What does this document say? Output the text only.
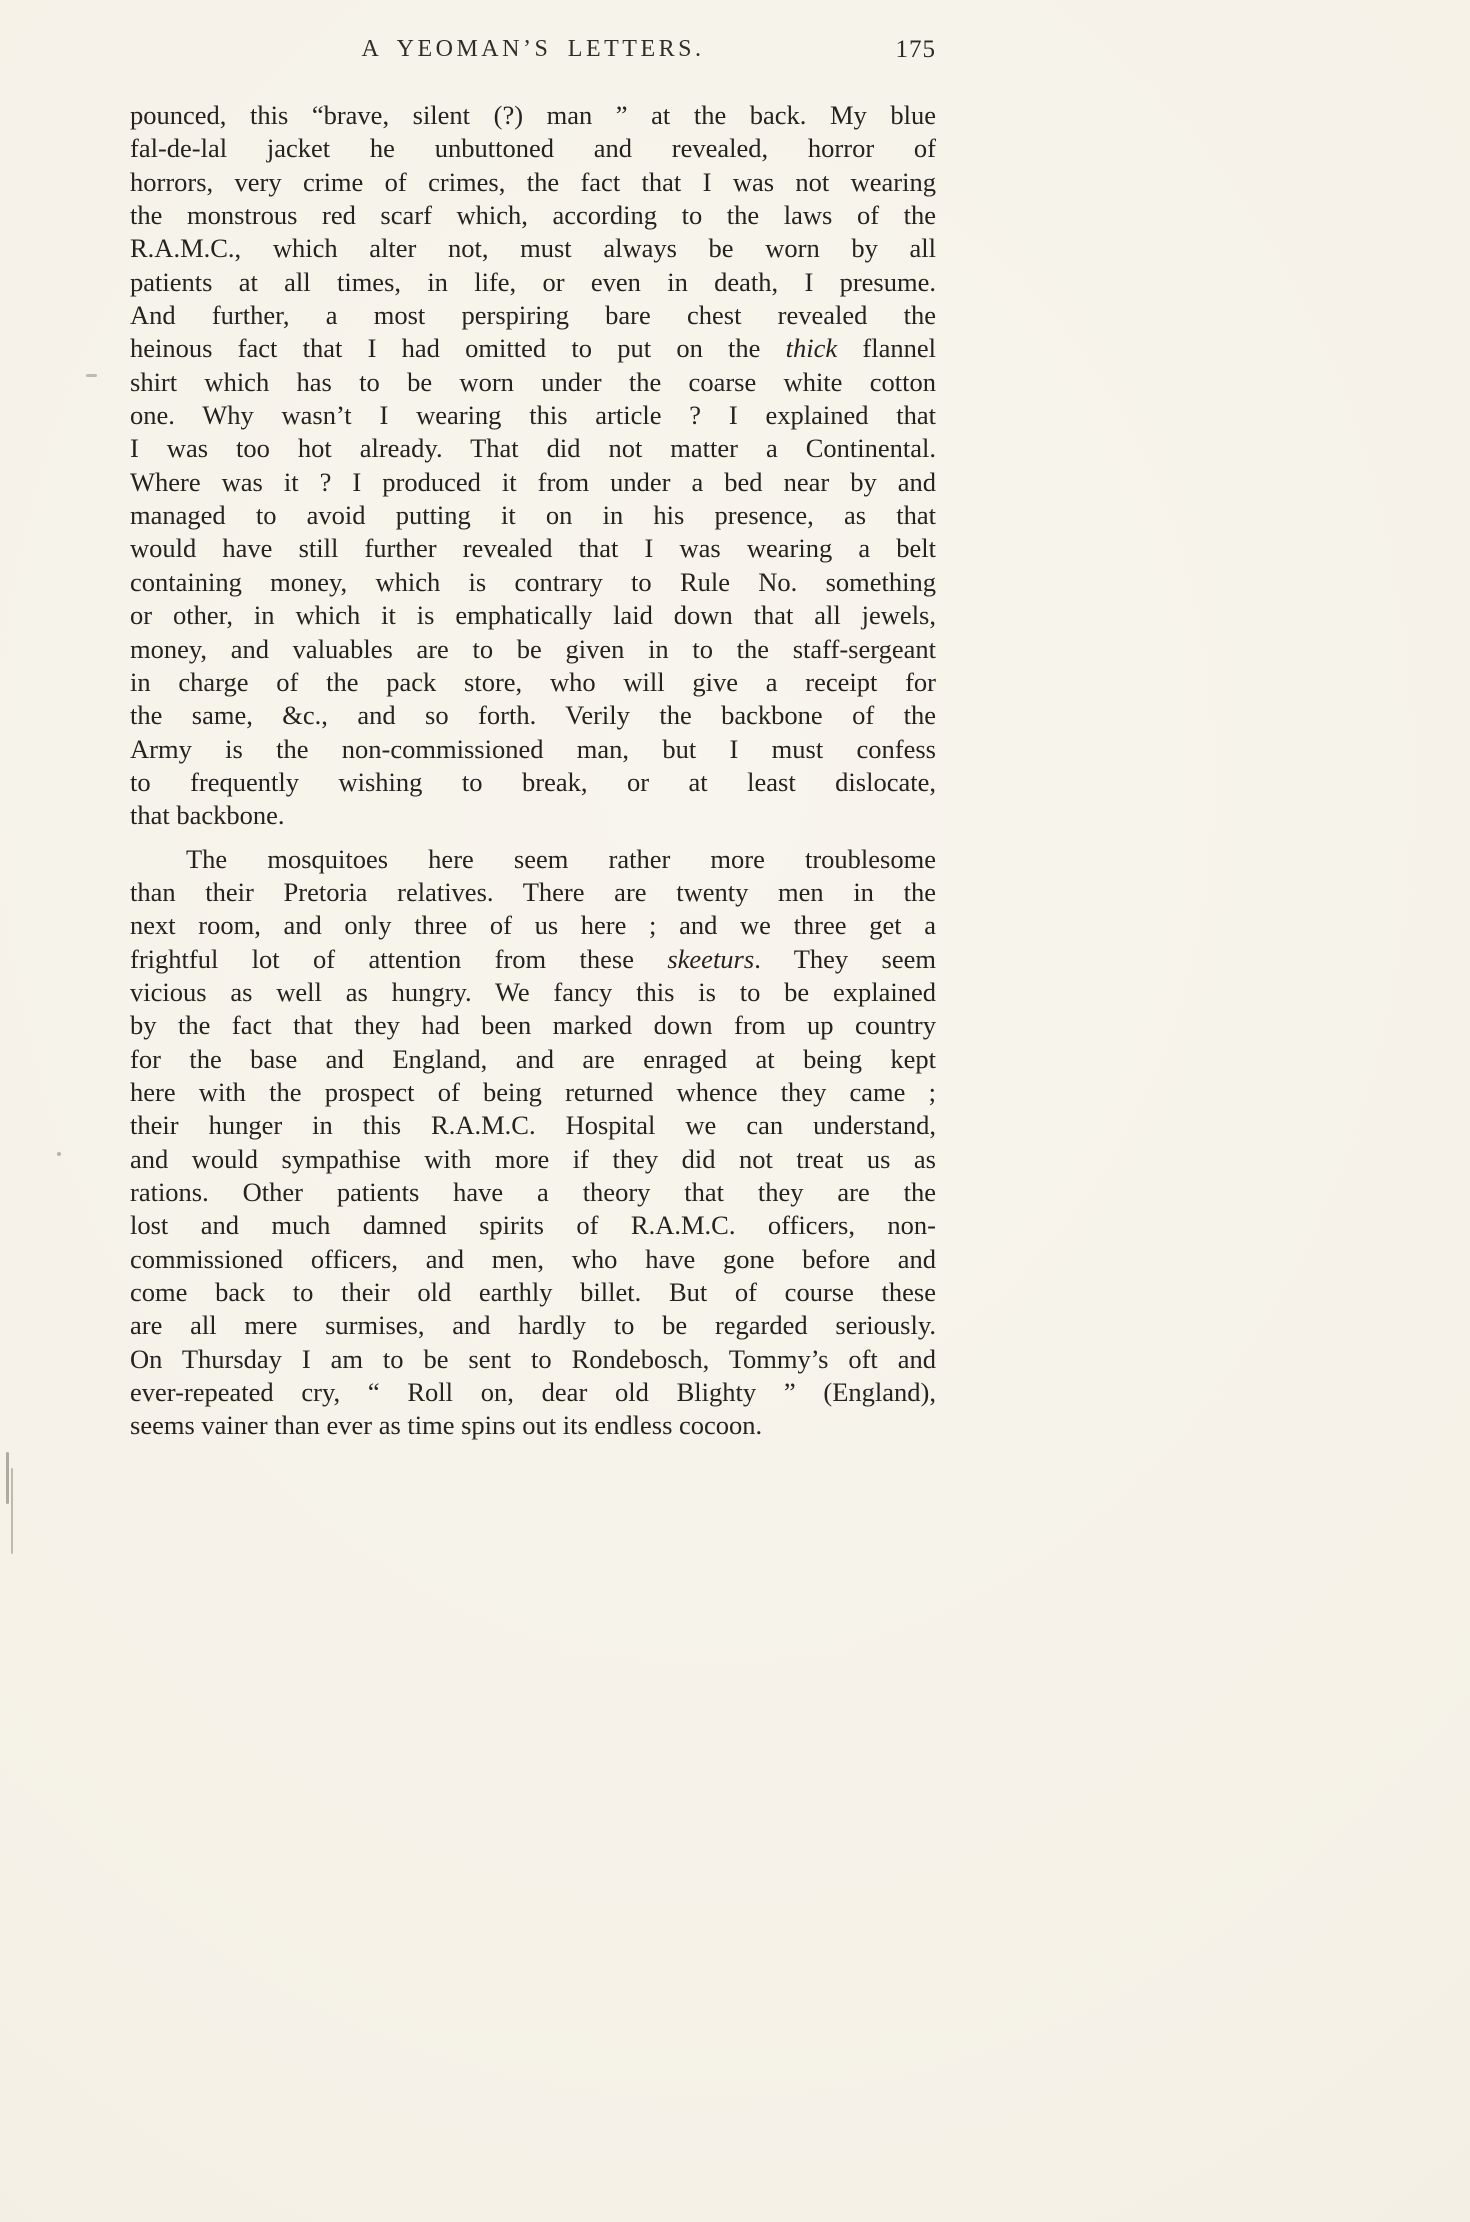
A YEOMAN’S LETTERS.	175
pounced, this “brave, silent (?) man ” at the back. My blue
fal-de-lal jacket he unbuttoned and revealed, horror of
horrors, very crime of crimes, the fact that I was not wearing
the monstrous red scarf which, according to the laws of the
R.A.M.C., which alter not, must always be worn by all
patients at all times, in life, or even in death, I presume.
And further, a most perspiring bare chest revealed the
heinous fact that I had omitted to put on the thick flannel
shirt which has to be worn under the coarse white cotton
one. Why wasn’t I wearing this article ? I explained that
I was too hot already. That did not matter a Continental.
Where was it ? I produced it from under a bed near by and
managed to avoid putting it on in his presence, as that
would have still further revealed that I was wearing a belt
containing money, which is contrary to Rule No. something
or other, in which it is emphatically laid down that all jewels,
money, and valuables are to be given in to the staff-sergeant
in charge of the pack store, who will give a receipt for
the same, &c., and so forth. Verily the backbone of the
Army is the non-commissioned man, but I must confess
to frequently wishing to break, or at least dislocate,
that backbone.
The mosquitoes here seem rather more troublesome
than their Pretoria relatives. There are twenty men in the
next room, and only three of us here ; and we three get a
frightful lot of attention from these skeeturs. They seem
vicious as well as hungry. We fancy this is to be explained
by the fact that they had been marked down from up country
for the base and England, and are enraged at being kept
here with the prospect of being returned whence they came ;
their hunger in this R.A.M.C. Hospital we can understand,
and would sympathise with more if they did not treat us as
rations. Other patients have a theory that they are the
lost and much damned spirits of R.A.M.C. officers, non-
commissioned officers, and men, who have gone before and
come back to their old earthly billet. But of course these
are all mere surmises, and hardly to be regarded seriously.
On Thursday I am to be sent to Rondebosch, Tommy’s oft and
ever-repeated cry, “ Roll on, dear old Blighty ” (England),
seems vainer than ever as time spins out its endless cocoon.
